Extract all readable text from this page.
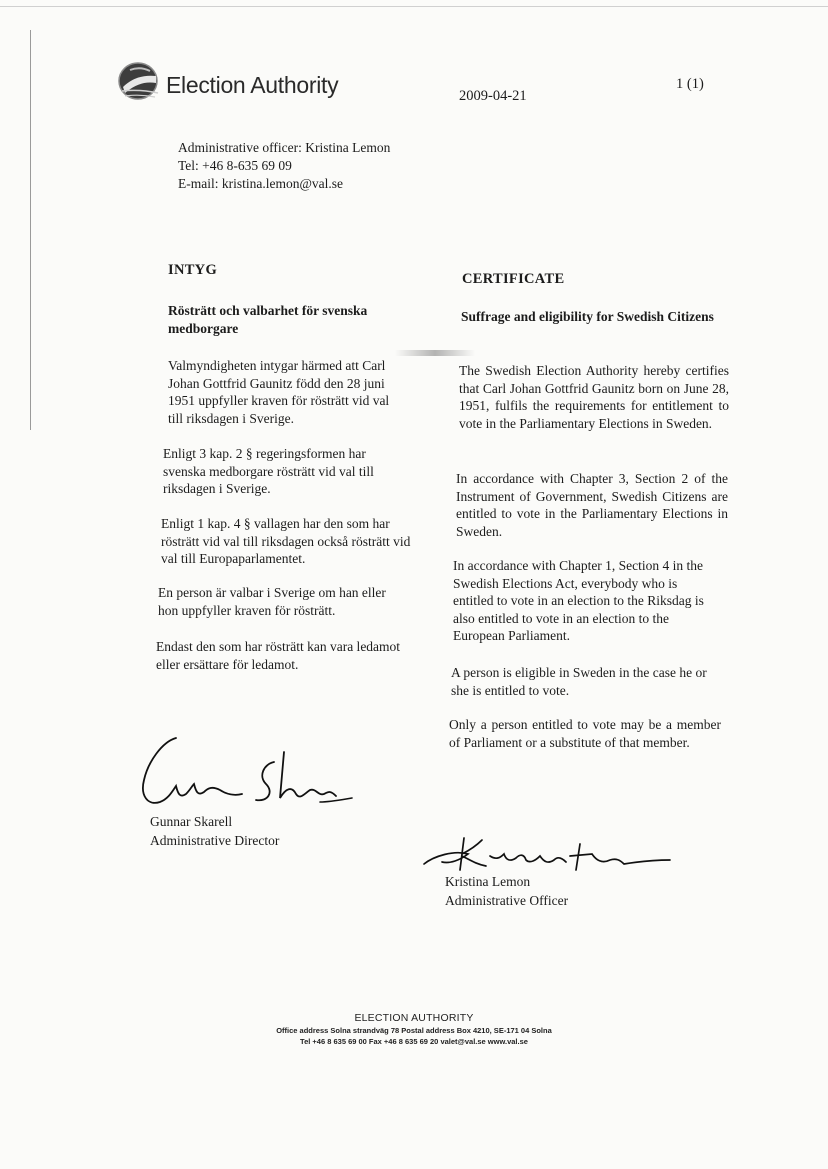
Election Authority	2009-04-21
1 (1)
Administrative officer: Kristina Lemon
Tel: +46 8-635 69 09
E-mail: kristina.lemon@val.se
INTYG
Rösträtt och valbarhet för svenska medborgare
Valmyndigheten intygar härmed att Carl Johan Gottfrid Gaunitz född den 28 juni 1951 uppfyller kraven för rösträtt vid val till riksdagen i Sverige.
Enligt 3 kap. 2 § regeringsformen har svenska medborgare rösträtt vid val till riksdagen i Sverige.
Enligt 1 kap. 4 § vallagen har den som har rösträtt vid val till riksdagen också rösträtt vid val till Europaparlamentet.
En person är valbar i Sverige om han eller hon uppfyller kraven för rösträtt.
Endast den som har rösträtt kan vara ledamot eller ersättare för ledamot.
CERTIFICATE
Suffrage and eligibility for Swedish Citizens
The Swedish Election Authority hereby certifies that Carl Johan Gottfrid Gaunitz born on June 28, 1951, fulfils the requirements for entitlement to vote in the Parliamentary Elections in Sweden.
In accordance with Chapter 3, Section 2 of the Instrument of Government, Swedish Citizens are entitled to vote in the Parliamentary Elections in Sweden.
In accordance with Chapter 1, Section 4 in the Swedish Elections Act, everybody who is entitled to vote in an election to the Riksdag is also entitled to vote in an election to the European Parliament.
A person is eligible in Sweden in the case he or she is entitled to vote.
Only a person entitled to vote may be a member of Parliament or a substitute of that member.
Gunnar Skarell
Administrative Director
Kristina Lemon
Administrative Officer
ELECTION AUTHORITY
Office address Solna strandväg 78 Postal address Box 4210, SE-171 04 Solna
Tel +46 8 635 69 00 Fax +46 8 635 69 20 valet@val.se www.val.se
